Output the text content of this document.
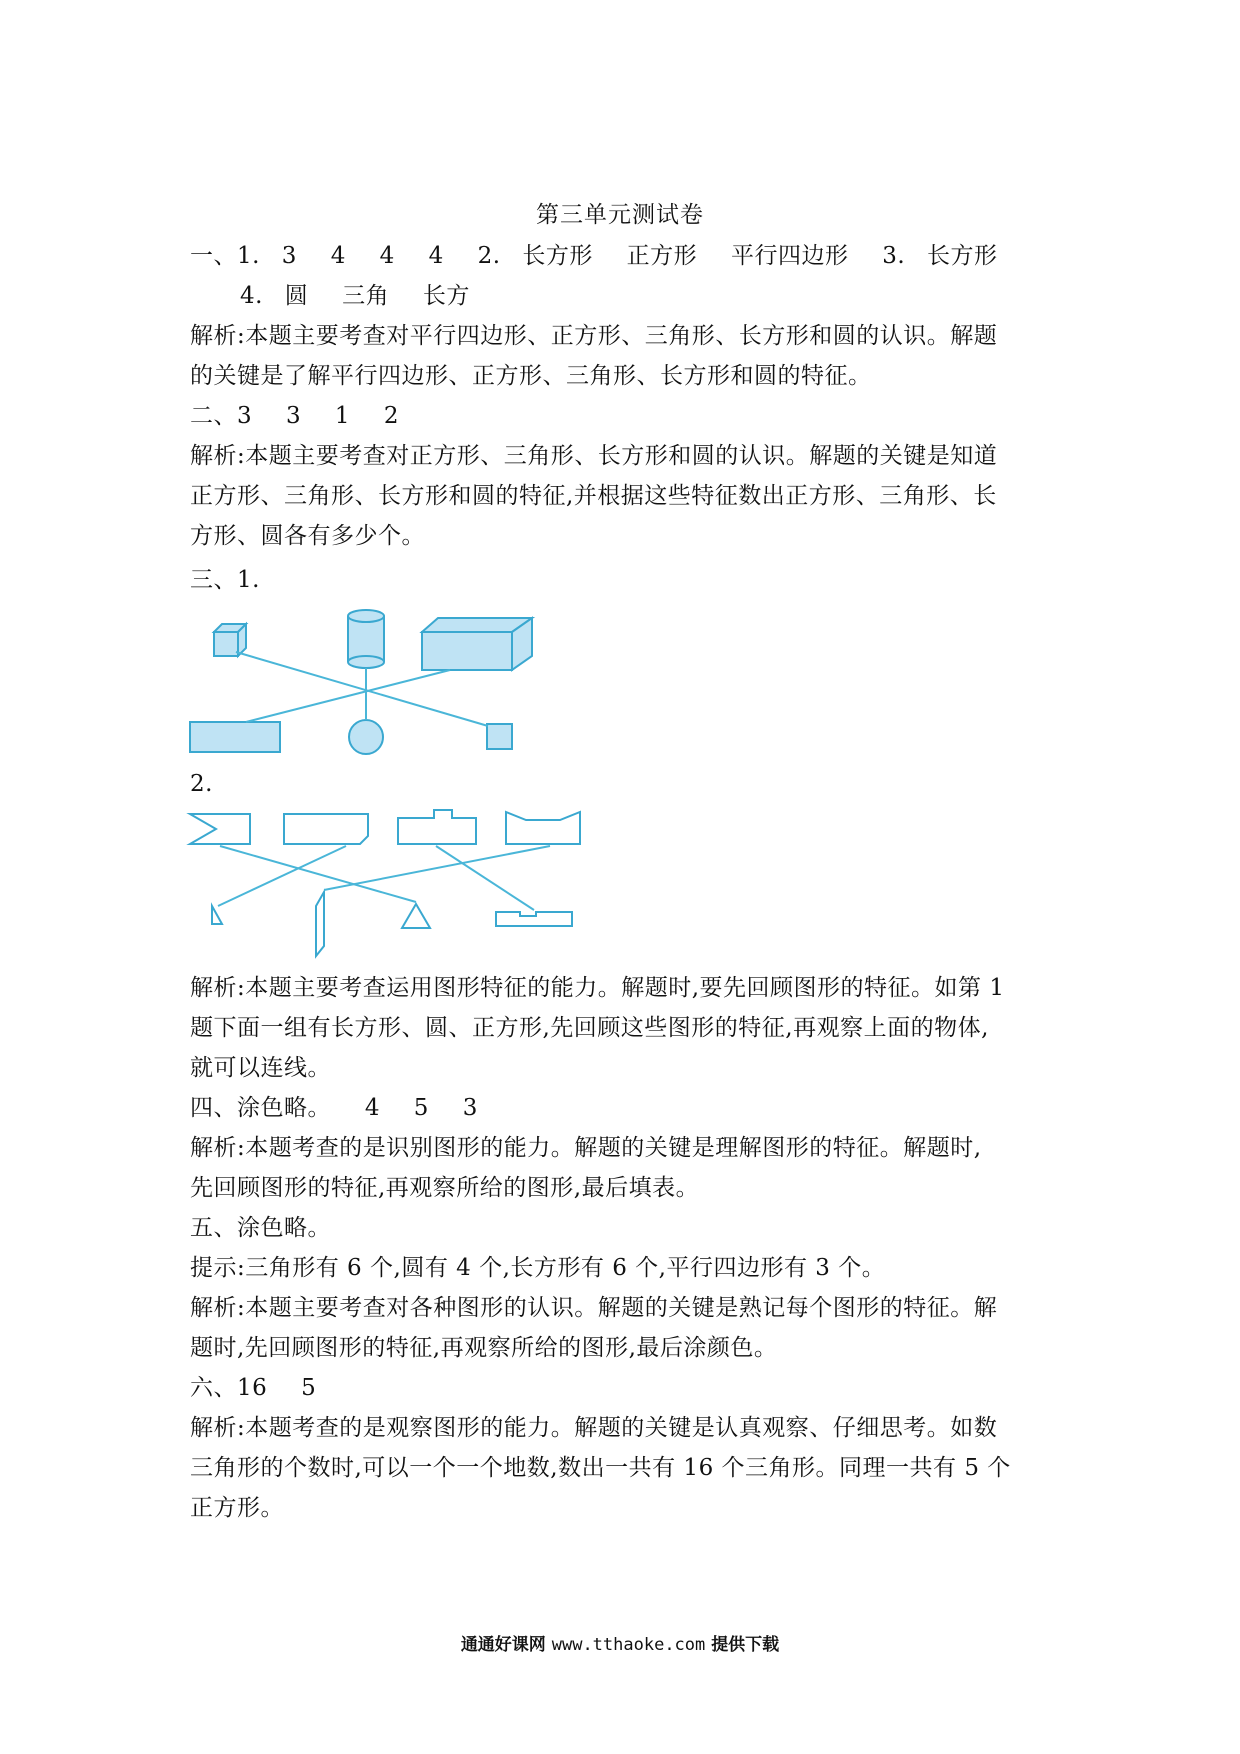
第三单元测试卷
一、1. 3 4 4 4 2. 长方形 正方形 平行四边形 3. 长方形
4. 圆 三角 长方
解析:本题主要考查对平行四边形、正方形、三角形、长方形和圆的认识。解题
的关键是了解平行四边形、正方形、三角形、长方形和圆的特征。
二、3 3 1 2
解析:本题主要考查对正方形、三角形、长方形和圆的认识。解题的关键是知道
正方形、三角形、长方形和圆的特征,并根据这些特征数出正方形、三角形、长
方形、圆各有多少个。
三、1.
2.
解析:本题主要考查运用图形特征的能力。解题时,要先回顾图形的特征。如第 1
题下面一组有长方形、圆、正方形,先回顾这些图形的特征,再观察上面的物体,
就可以连线。
四、涂色略。 4 5 3
解析:本题考查的是识别图形的能力。解题的关键是理解图形的特征。解题时,
先回顾图形的特征,再观察所给的图形,最后填表。
五、涂色略。
提示:三角形有 6 个,圆有 4 个,长方形有 6 个,平行四边形有 3 个。
解析:本题主要考查对各种图形的认识。解题的关键是熟记每个图形的特征。解
题时,先回顾图形的特征,再观察所给的图形,最后涂颜色。
六、16 5
解析:本题考查的是观察图形的能力。解题的关键是认真观察、仔细思考。如数
三角形的个数时,可以一个一个地数,数出一共有 16 个三角形。同理一共有 5 个
正方形。
通通好课网 www.tthaoke.com 提供下载
